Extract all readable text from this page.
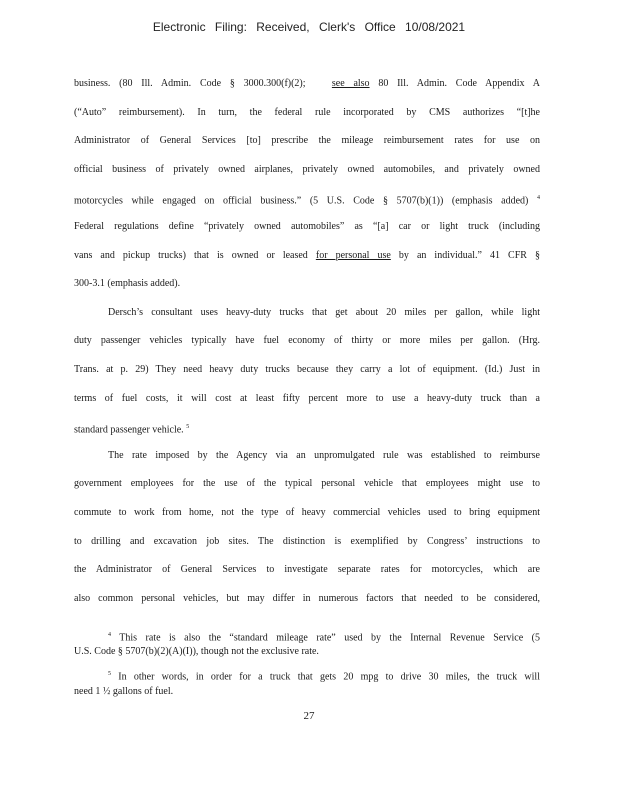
Electronic Filing: Received, Clerk's Office 10/08/2021
business. (80 Ill. Admin. Code § 3000.300(f)(2);	see also 80 Ill. Admin. Code Appendix A
(“Auto” reimbursement). In turn, the federal rule incorporated by CMS authorizes “[t]he
Administrator of General Services [to] prescribe the mileage reimbursement rates for use on
official business of privately owned airplanes, privately owned automobiles, and privately owned
motorcycles while engaged on official business.” (5 U.S. Code § 5707(b)(1)) (emphasis added) $^4$
Federal regulations define “privately owned automobiles” as “[a] car or light truck (including
vans and pickup trucks) that is owned or leased for personal use by an individual.” 41 CFR §
300-3.1 (emphasis added).
Dersch’s consultant uses heavy-duty trucks that get about 20 miles per gallon, while light
duty passenger vehicles typically have fuel economy of thirty or more miles per gallon. (Hrg.
Trans. at p. 29) They need heavy duty trucks because they carry a lot of equipment. (Id.) Just in
terms of fuel costs, it will cost at least fifty percent more to use a heavy-duty truck than a
standard passenger vehicle. $^5$
The rate imposed by the Agency via an unpromulgated rule was established to reimburse
government employees for the use of the typical personal vehicle that employees might use to
commute to work from home, not the type of heavy commercial vehicles used to bring equipment
to drilling and excavation job sites. The distinction is exemplified by Congress’ instructions to
the Administrator of General Services to investigate separate rates for motorcycles, which are
also common personal vehicles, but may differ in numerous factors that needed to be considered,
$^4$ This rate is also the “standard mileage rate” used by the Internal Revenue Service (5
U.S. Code § 5707(b)(2)(A)(I)), though not the exclusive rate.
$^5$ In other words, in order for a truck that gets 20 mpg to drive 30 miles, the truck will
need 1 ½ gallons of fuel.
27
